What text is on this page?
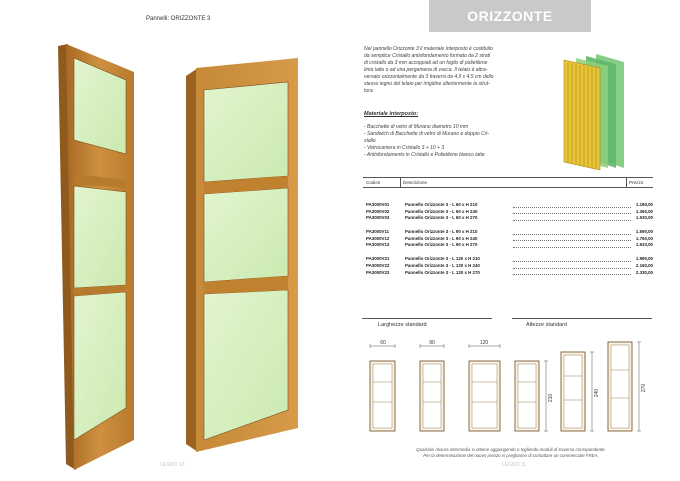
Pannelli: ORIZZONTE 3
LEGNO 10
ORIZZONTE
Nel pannello Orizzonte 3 il materiale interposto è costituito
da semplice Cristallo antisfondamento formato da 2 strati
di cristallo da 3 mm accoppiati ad un foglio di polietilene
tinta latte o ad una pergamena di vacca. Il telaio è attra-
versato orizzontalmente da 3 traversi da 4,5 x 4,5 cm dello
stesso legno del telaio per irrigidire ulteriormente la strut-
tura.
Materiale interposto:
- Bacchette di vetro di Murano diametro 10 mm
- Sandwich di Bacchette di vetro di Murano e doppio Cri-
stallo
- Vetrocamera in Cristallo 3 + 10 + 3
- Antisfondamento in Cristallo e Polietilene bianco latte
Codice	Descrizione	Prezzo
PA3000V01	Pannello Orizzonte 3 - L 60 x H 210	1.190,00
PA3000V02	Pannello Orizzonte 3 - L 60 x H 240	1.360,00
PA3000V03	Pannello Orizzonte 3 - L 60 x H 270	1.530,00
PA3000V11	Pannello Orizzonte 3 - L 90 x H 210	1.590,00
PA3000V12	Pannello Orizzonte 3 - L 90 x H 240	1.760,00
PA3000V13	Pannello Orizzonte 3 - L 90 x H 270	1.933,00
PA3000V21	Pannello Orizzonte 3 - L 120 x H 210	1.990,00
PA3000V22	Pannello Orizzonte 3 - L 120 x H 240	2.160,00
PA3000V23	Pannello Orizzonte 3 - L 120 x H 270	2.330,00
Larghezze standard	Altezze standard
60	90	120
210
240
270
Qualsiasi misura intermedia si ottiene aggiungendo o togliendo moduli di traverso corrispondente.
Per la determinazione del nuovo prezzo vi preghiamo di contattare un commerciale FREA.
LEGNO 11
